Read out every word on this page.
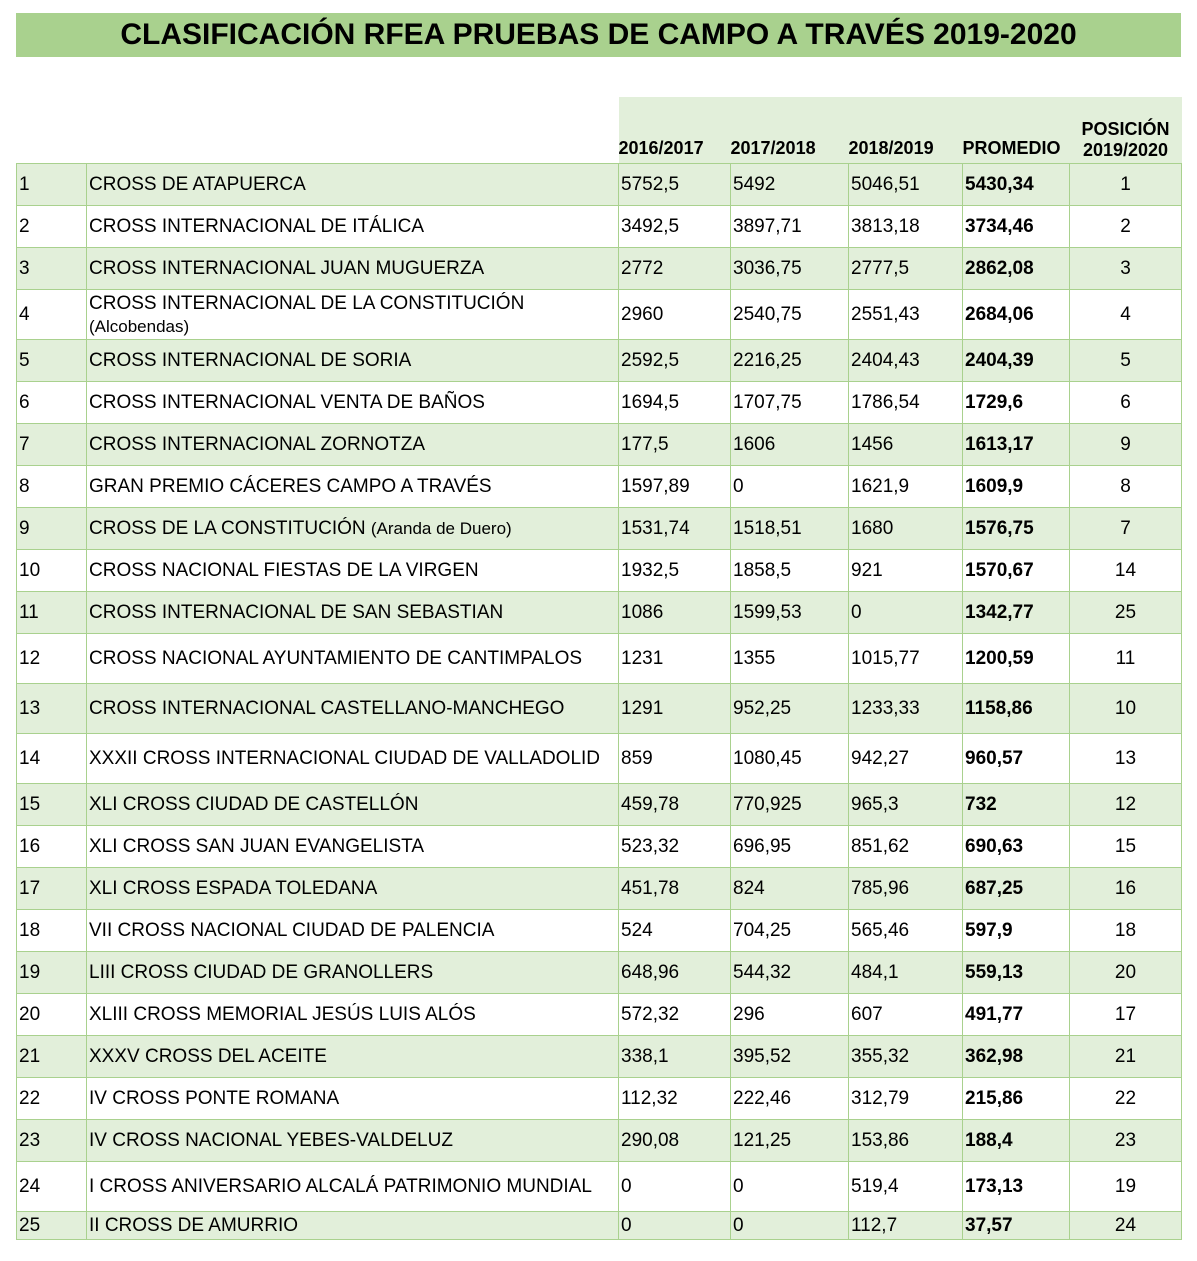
CLASIFICACIÓN RFEA PRUEBAS DE CAMPO A TRAVÉS 2019-2020
		2016/2017	2017/2018	2018/2019	PROMEDIO	POSICIÓN
2019/2020
1	CROSS DE ATAPUERCA	5752,5	5492	5046,51	5430,34	1
2	CROSS INTERNACIONAL DE ITÁLICA	3492,5	3897,71	3813,18	3734,46	2
3	CROSS INTERNACIONAL JUAN MUGUERZA	2772	3036,75	2777,5	2862,08	3
4	CROSS INTERNACIONAL DE LA CONSTITUCIÓN
(Alcobendas)	2960	2540,75	2551,43	2684,06	4
5	CROSS INTERNACIONAL DE SORIA	2592,5	2216,25	2404,43	2404,39	5
6	CROSS INTERNACIONAL VENTA DE BAÑOS	1694,5	1707,75	1786,54	1729,6	6
7	CROSS INTERNACIONAL ZORNOTZA	177,5	1606	1456	1613,17	9
8	GRAN PREMIO CÁCERES CAMPO A TRAVÉS	1597,89	0	1621,9	1609,9	8
9	CROSS DE LA CONSTITUCIÓN (Aranda de Duero)	1531,74	1518,51	1680	1576,75	7
10	CROSS NACIONAL FIESTAS DE LA VIRGEN	1932,5	1858,5	921	1570,67	14
11	CROSS INTERNACIONAL DE SAN SEBASTIAN	1086	1599,53	0	1342,77	25
12	CROSS NACIONAL AYUNTAMIENTO DE CANTIMPALOS	1231	1355	1015,77	1200,59	11
13	CROSS INTERNACIONAL CASTELLANO-MANCHEGO	1291	952,25	1233,33	1158,86	10
14	XXXII CROSS INTERNACIONAL CIUDAD DE VALLADOLID	859	1080,45	942,27	960,57	13
15	XLI CROSS CIUDAD DE CASTELLÓN	459,78	770,925	965,3	732	12
16	XLI CROSS SAN JUAN EVANGELISTA	523,32	696,95	851,62	690,63	15
17	XLI CROSS ESPADA TOLEDANA	451,78	824	785,96	687,25	16
18	VII CROSS NACIONAL CIUDAD DE PALENCIA	524	704,25	565,46	597,9	18
19	LIII CROSS CIUDAD DE GRANOLLERS	648,96	544,32	484,1	559,13	20
20	XLIII CROSS MEMORIAL JESÚS LUIS ALÓS	572,32	296	607	491,77	17
21	XXXV CROSS DEL ACEITE	338,1	395,52	355,32	362,98	21
22	IV CROSS PONTE ROMANA	112,32	222,46	312,79	215,86	22
23	IV CROSS NACIONAL YEBES-VALDELUZ	290,08	121,25	153,86	188,4	23
24	I CROSS ANIVERSARIO ALCALÁ PATRIMONIO MUNDIAL	0	0	519,4	173,13	19
25	II CROSS DE AMURRIO	0	0	112,7	37,57	24
